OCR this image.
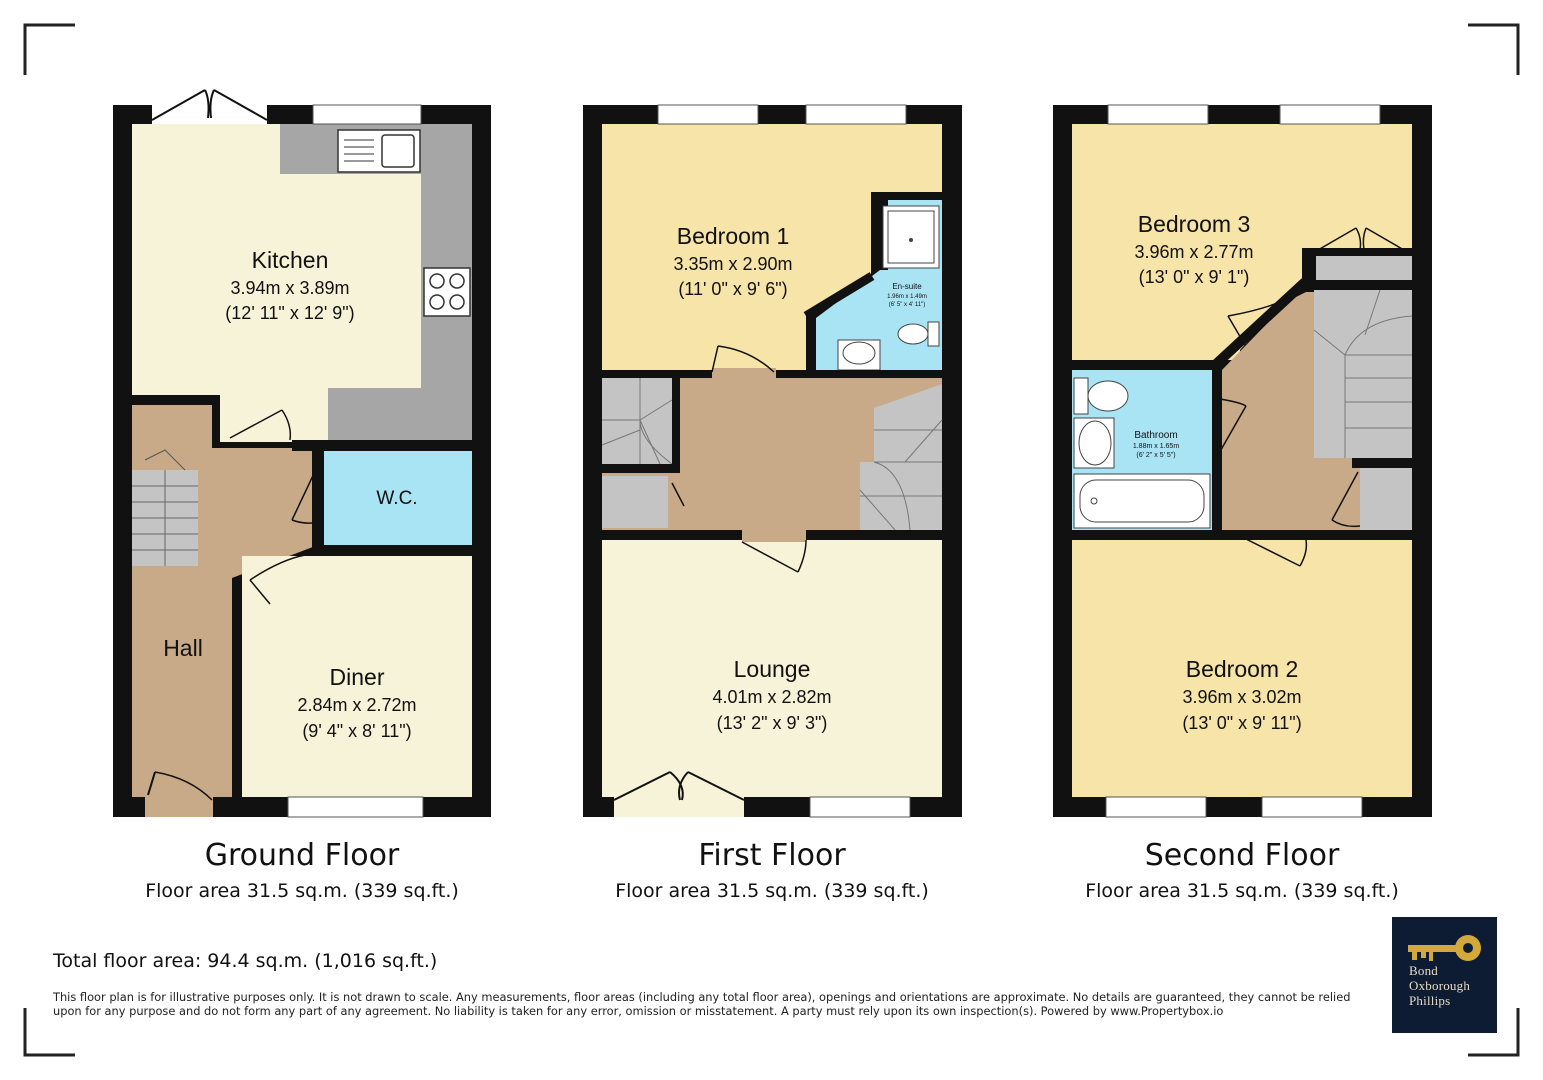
Kitchen
3.94m x 3.89m
(12' 11" x 12' 9")
W.C.
Hall
Diner
2.84m x 2.72m
(9' 4" x 8' 11")
Bedroom 1
3.35m x 2.90m
(11' 0" x 9' 6")	En-suite
1.96m x 1.49m
(6' 5" x 4' 11")
Lounge
4.01m x 2.82m
(13' 2" x 9' 3")
Bedroom 3
3.96m x 2.77m
(13' 0" x 9' 1")
Bathroom
1.88m x 1.65m
(6' 2" x 5' 5")
Bedroom 2
3.96m x 3.02m
(13' 0" x 9' 11")
Ground Floor
Floor area 31.5 sq.m. (339 sq.ft.)
First Floor
Floor area 31.5 sq.m. (339 sq.ft.)
Second Floor
Floor area 31.5 sq.m. (339 sq.ft.)
Total floor area: 94.4 sq.m. (1,016 sq.ft.)
This floor plan is for illustrative purposes only. It is not drawn to scale. Any measurements, floor areas (including any total floor area), openings and orientations are approximate. No details are guaranteed, they cannot be relied upon for any purpose and do not form any part of any agreement. No liability is taken for any error, omission or misstatement. A party must rely upon its own inspection(s). Powered by www.Propertybox.io
Bond
Oxborough
Phillips
